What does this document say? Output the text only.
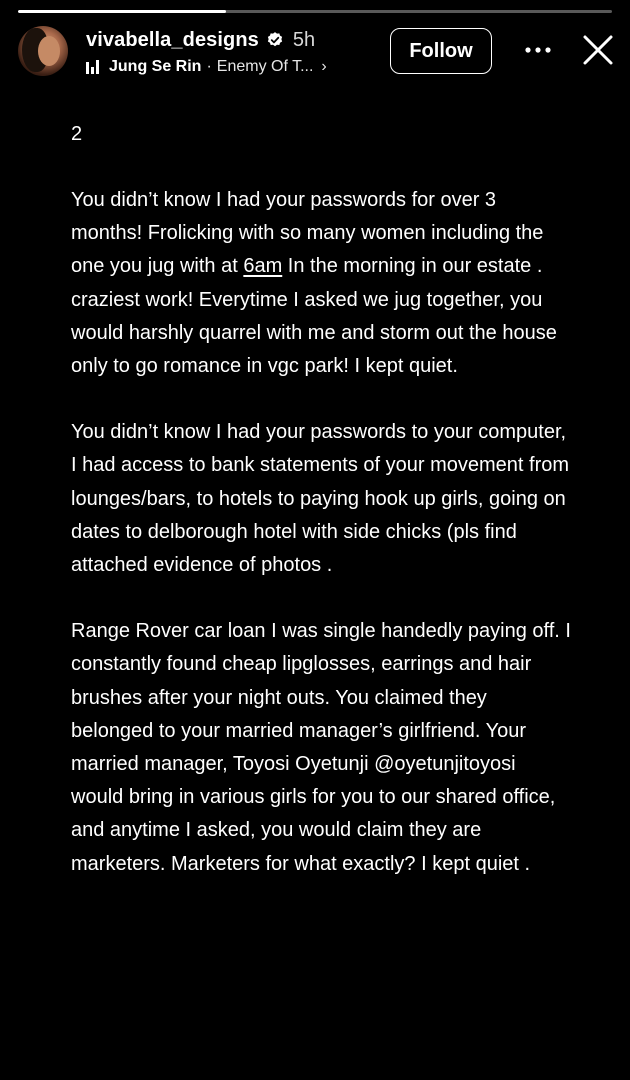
vivabella_designs 5h
Jung Se Rin · Enemy Of T... ›
Follow
2

You didn’t know I had your passwords for over 3 months! Frolicking with so many women including the one you jug with at 6am In the morning in our estate . craziest work! Everytime I asked we jug together, you would harshly quarrel with me and storm out the house only to go romance in vgc park! I kept quiet.

You didn’t know I had your passwords to your computer, I had access to bank statements of your movement from lounges/bars, to hotels to paying hook up girls, going on dates to delborough hotel with side chicks (pls find attached evidence of photos .

Range Rover car loan I was single handedly paying off. I constantly found cheap lipglosses, earrings and hair brushes after your night outs. You claimed they belonged to your married manager’s girlfriend. Your married manager, Toyosi Oyetunji @oyetunjitoyosi would bring in various girls for you to our shared office, and anytime I asked, you would claim they are marketers. Marketers for what exactly? I kept quiet .
